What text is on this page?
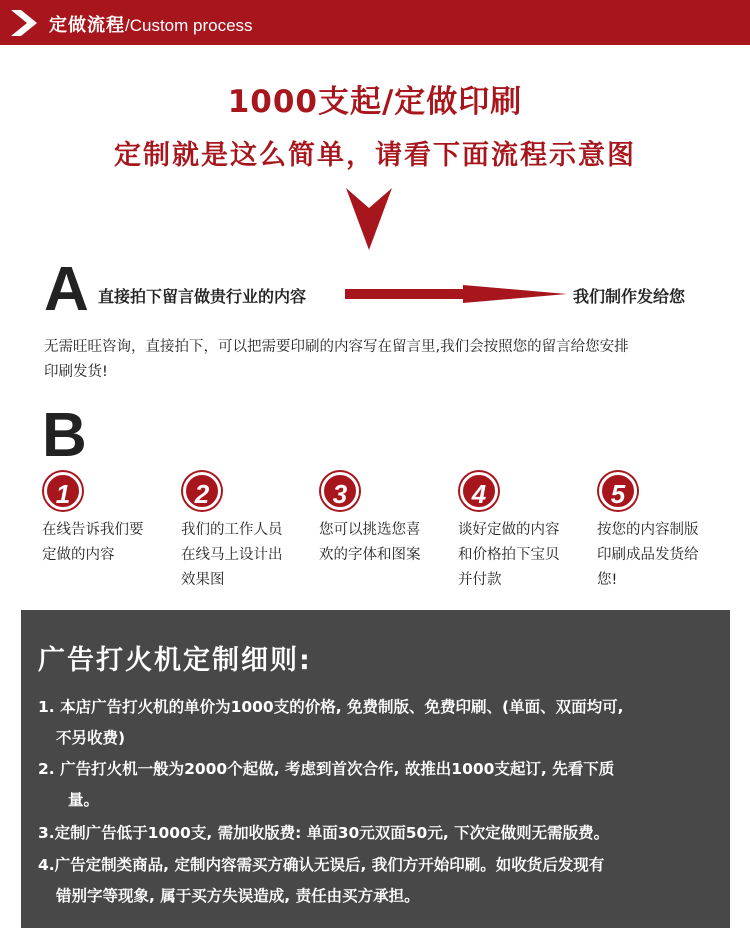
定做流程/Custom process
1000支起/定做印刷
定制就是这么简单，请看下面流程示意图
A 直接拍下留言做贵行业的内容	我们制作发给您
无需旺旺咨询，直接拍下，可以把需要印刷的内容写在留言里,我们会按照您的留言给您安排
印刷发货!
B
1
在线告诉我们要
定做的内容
2
我们的工作人员
在线马上设计出
效果图
3
您可以挑选您喜
欢的字体和图案
4
谈好定做的内容
和价格拍下宝贝
并付款
5
按您的内容制版
印刷成品发货给
您!
广告打火机定制细则:
1. 本店广告打火机的单价为1000支的价格, 免费制版、免费印刷、(单面、双面均可,
不另收费)
2. 广告打火机一般为2000个起做, 考虑到首次合作, 故推出1000支起订, 先看下质
量。
3.定制广告低于1000支, 需加收版费: 单面30元双面50元, 下次定做则无需版费。
4.广告定制类商品, 定制内容需买方确认无误后, 我们方开始印刷。如收货后发现有
错别字等现象, 属于买方失误造成, 责任由买方承担。
